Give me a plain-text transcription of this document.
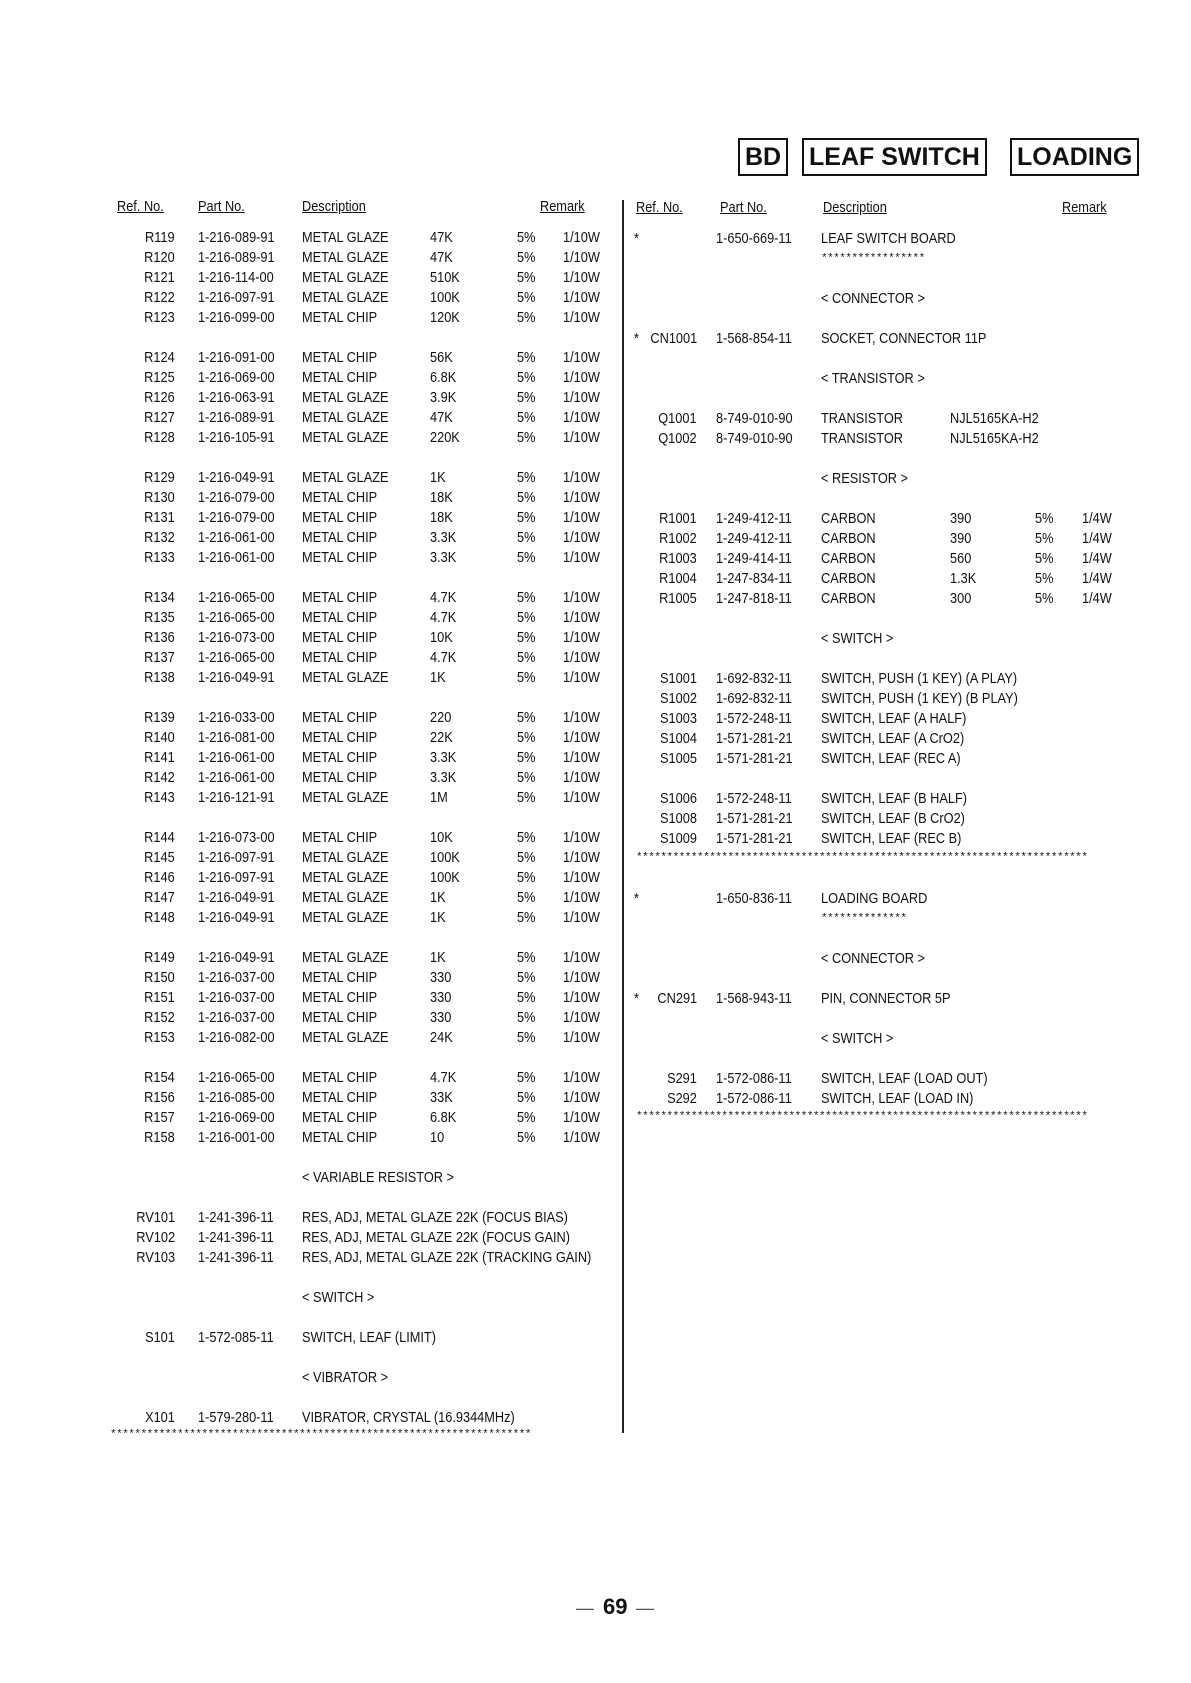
BD LEAF SWITCH LOADING
Ref. No. Part No.	Description	Remark	Ref. No.	Part No.	Description	Remark
R119 1-216-089-91 METAL GLAZE	47K	5% 1/10W
R120 1-216-089-91 METAL GLAZE	47K	5% 1/10W
R121 1-216-114-00 METAL GLAZE	510K	5% 1/10W
R122 1-216-097-91 METAL GLAZE	100K	5% 1/10W
R123 1-216-099-00 METAL CHIP	120K	5% 1/10W
R124 1-216-091-00 METAL CHIP	56K	5% 1/10W
R125 1-216-069-00 METAL CHIP	6.8K	5% 1/10W
R126 1-216-063-91 METAL GLAZE	3.9K	5% 1/10W
R127 1-216-089-91 METAL GLAZE	47K	5% 1/10W
R128 1-216-105-91 METAL GLAZE	220K	5% 1/10W
R129 1-216-049-91 METAL GLAZE	1K	5% 1/10W
R130 1-216-079-00 METAL CHIP	18K	5% 1/10W
R131 1-216-079-00 METAL CHIP	18K	5% 1/10W
R132 1-216-061-00 METAL CHIP	3.3K	5% 1/10W
R133 1-216-061-00 METAL CHIP	3.3K	5% 1/10W
R134 1-216-065-00 METAL CHIP	4.7K	5% 1/10W
R135 1-216-065-00 METAL CHIP	4.7K	5% 1/10W
R136 1-216-073-00 METAL CHIP	10K	5% 1/10W
R137 1-216-065-00 METAL CHIP	4.7K	5% 1/10W
R138 1-216-049-91 METAL GLAZE	1K	5% 1/10W
R139 1-216-033-00 METAL CHIP	220	5% 1/10W
R140 1-216-081-00 METAL CHIP	22K	5% 1/10W
R141 1-216-061-00 METAL CHIP	3.3K	5% 1/10W
R142 1-216-061-00 METAL CHIP	3.3K	5% 1/10W
R143 1-216-121-91 METAL GLAZE	1M	5% 1/10W
R144 1-216-073-00 METAL CHIP	10K	5% 1/10W
R145 1-216-097-91 METAL GLAZE	100K	5% 1/10W
R146 1-216-097-91 METAL GLAZE	100K	5% 1/10W
R147 1-216-049-91 METAL GLAZE	1K	5% 1/10W
R148 1-216-049-91 METAL GLAZE	1K	5% 1/10W
R149 1-216-049-91 METAL GLAZE	1K	5% 1/10W
R150 1-216-037-00 METAL CHIP	330	5% 1/10W
R151 1-216-037-00 METAL CHIP	330	5% 1/10W
R152 1-216-037-00 METAL CHIP	330	5% 1/10W
R153 1-216-082-00 METAL GLAZE	24K	5% 1/10W
R154 1-216-065-00 METAL CHIP	4.7K	5% 1/10W
R156 1-216-085-00 METAL CHIP	33K	5% 1/10W
R157 1-216-069-00 METAL CHIP	6.8K	5% 1/10W
R158 1-216-001-00 METAL CHIP	10	5% 1/10W
< VARIABLE RESISTOR >
RV101 1-241-396-11 RES, ADJ, METAL GLAZE 22K (FOCUS BIAS)
RV102 1-241-396-11 RES, ADJ, METAL GLAZE 22K (FOCUS GAIN)
RV103 1-241-396-11 RES, ADJ, METAL GLAZE 22K (TRACKING GAIN)
< SWITCH >
S101 1-572-085-11 SWITCH, LEAF (LIMIT)
< VIBRATOR >
X101 1-579-280-11 VIBRATOR, CRYSTAL (16.9344MHz)
*	1-650-669-11 LEAF SWITCH BOARD
*****************
< CONNECTOR >
* CN1001 1-568-854-11 SOCKET, CONNECTOR 11P
< TRANSISTOR >
Q1001 8-749-010-90 TRANSISTOR	NJL5165KA-H2
Q1002 8-749-010-90 TRANSISTOR	NJL5165KA-H2
< RESISTOR >
R1001 1-249-412-11 CARBON	390	5% 1/4W
R1002 1-249-412-11 CARBON	390	5% 1/4W
R1003 1-249-414-11 CARBON	560	5% 1/4W
R1004 1-247-834-11 CARBON	1.3K	5% 1/4W
R1005 1-247-818-11 CARBON	300	5% 1/4W
< SWITCH >
S1001 1-692-832-11 SWITCH, PUSH (1 KEY) (A PLAY)
S1002 1-692-832-11 SWITCH, PUSH (1 KEY) (B PLAY)
S1003 1-572-248-11 SWITCH, LEAF (A HALF)
S1004 1-571-281-21 SWITCH, LEAF (A CrO2)
S1005 1-571-281-21 SWITCH, LEAF (REC A)
S1006 1-572-248-11 SWITCH, LEAF (B HALF)
S1008 1-571-281-21 SWITCH, LEAF (B CrO2)
S1009 1-571-281-21 SWITCH, LEAF (REC B)
*	1-650-836-11 LOADING BOARD
**************
< CONNECTOR >
* CN291 1-568-943-11 PIN, CONNECTOR 5P
< SWITCH >
S291 1-572-086-11 SWITCH, LEAF (LOAD OUT)
S292 1-572-086-11 SWITCH, LEAF (LOAD IN)
*********************************************************************
**************************************************************************
**************************************************************************
— 69 —
